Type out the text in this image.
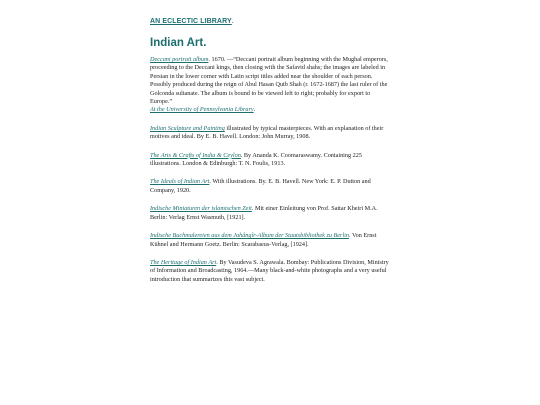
AN ECLECTIC LIBRARY.
Indian Art.
Deccani portrait album. 1670. —“Deccani portrait album beginning with the Mughal emperors, proceeding to the Deccani kings, then closing with the Safavid shahs; the images are labeled in Persian in the lower corner with Latin script titles added near the shoulder of each person. Possibly produced during the reign of Abul Hasan Qutb Shah (r. 1672-1687) the last ruler of the Golconda sultanate. The album is bound to be viewed left to right; probably for export to Europe.”
At the University of Pennsylvania Library.
Indian Sculpture and Painting illustrated by typical masterpieces. With an explanation of their motives and ideal. By E. B. Havell. London: John Murray, 1908.
The Arts & Crafts of India & Ceylon. By Ananda K. Coomaraswamy. Containing 225 illustrations. London & Edinburgh: T. N. Foulis, 1913.
The Ideals of Indian Art. With illustrations. By. E. B. Havell. New York: E. P. Dutton and Company, 1920.
Indische Miniaturen der islamischen Zeit. Mit einer Einleitung von Prof. Sattar Kheiri M.A. Berlin: Verlag Ernst Wasmuth, [1921].
Indische Buchmalereien aus dem Jahângîr-Album der Staatsbibliothek zu Berlin. Von Ernst Kühnel and Hermann Goetz. Berlin: Scarabaeus-Verlag, [1924].
The Heritage of Indian Art. By Vasudeva S. Agrawala. Bombay: Publications Division, Ministry of Information and Broadcasting, 1964.—Many black-and-white photographs and a very useful introduction that summarizes this vast subject.
